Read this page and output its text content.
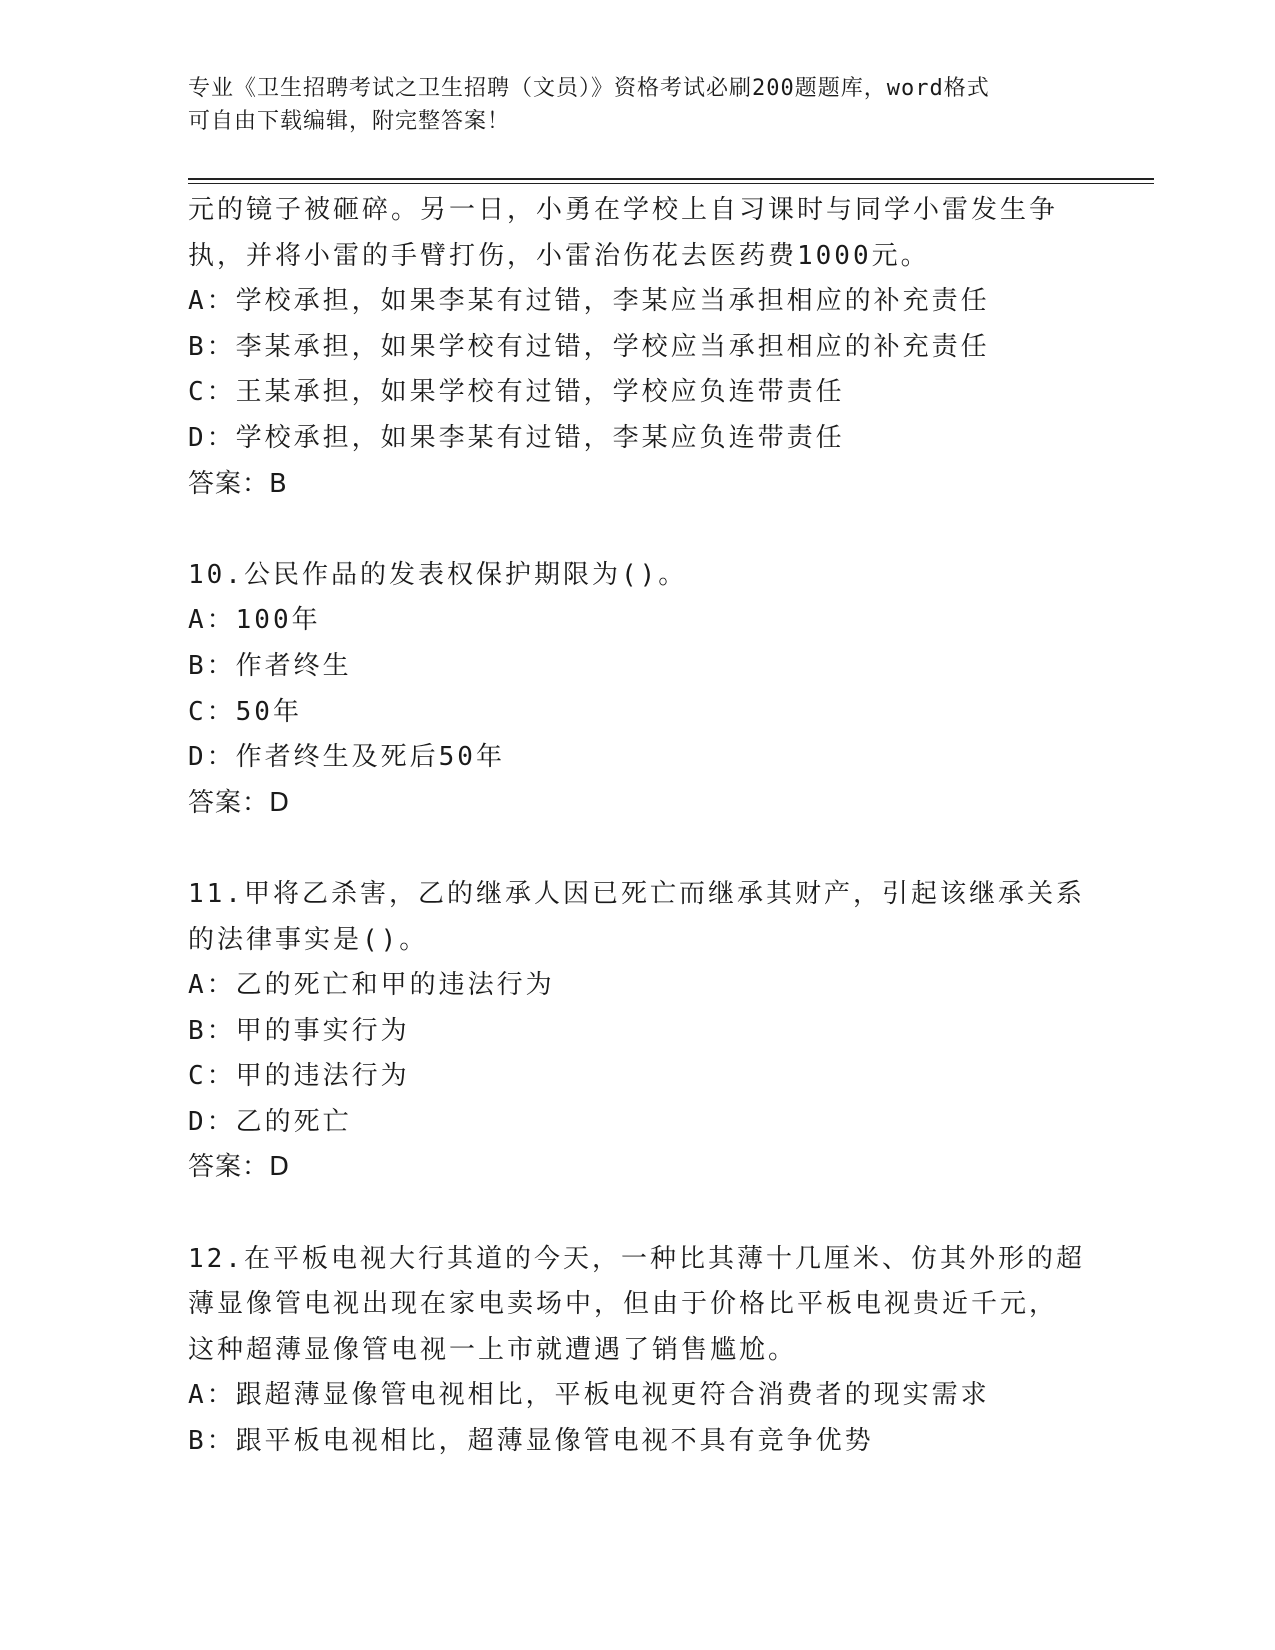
专业《卫生招聘考试之卫生招聘（文员）》资格考试必刷200题题库，word格式
可自由下载编辑，附完整答案！
元的镜子被砸碎。另一日，小勇在学校上自习课时与同学小雷发生争
执，并将小雷的手臂打伤，小雷治伤花去医药费1000元。
A：学校承担，如果李某有过错，李某应当承担相应的补充责任
B：李某承担，如果学校有过错，学校应当承担相应的补充责任
C：王某承担，如果学校有过错，学校应负连带责任
D：学校承担，如果李某有过错，李某应负连带责任
答案：B
10.公民作品的发表权保护期限为()。
A：100年
B：作者终生
C：50年
D：作者终生及死后50年
答案：D
11.甲将乙杀害，乙的继承人因已死亡而继承其财产，引起该继承关系
的法律事实是()。
A：乙的死亡和甲的违法行为
B：甲的事实行为
C：甲的违法行为
D：乙的死亡
答案：D
12.在平板电视大行其道的今天，一种比其薄十几厘米、仿其外形的超
薄显像管电视出现在家电卖场中，但由于价格比平板电视贵近千元，
这种超薄显像管电视一上市就遭遇了销售尴尬。
A：跟超薄显像管电视相比，平板电视更符合消费者的现实需求
B：跟平板电视相比，超薄显像管电视不具有竞争优势
